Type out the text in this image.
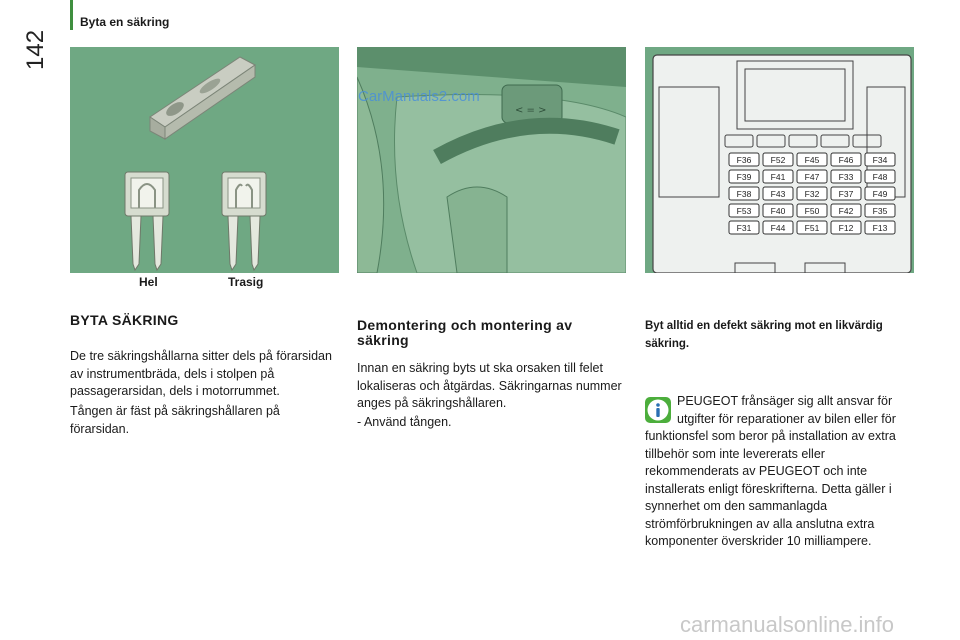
142
Byta en säkring
Hel	Trasig
< = >
CarManuals2.com
F36 F52 F45 F46 F34
F39 F41 F47 F33 F48
F38 F43 F32 F37 F49
F53 F40 F50 F42 F35
F31 F44 F51 F12 F13
BYTA SÄKRING
De tre säkringshållarna sitter dels på förarsidan av instrumentbräda, dels i stolpen på passagerarsidan, dels i motorrummet.
Tången är fäst på säkringshållaren på förarsidan.
Demontering och montering av säkring
Innan en säkring byts ut ska orsaken till felet lokaliseras och åtgärdas. Säkringarnas nummer anges på säkringshållaren.
- Använd tången.
Byt alltid en defekt säkring mot en likvärdig säkring.
PEUGEOT frånsäger sig allt ansvar för utgifter för reparationer av bilen eller för funktionsfel som beror på installation av extra tillbehör som inte levererats eller rekommenderats av PEUGEOT och inte installerats enligt föreskrifterna. Detta gäller i synnerhet om den sammanlagda strömförbrukningen av alla anslutna extra komponenter överskrider 10 milliampere.
carmanualsonline.info
